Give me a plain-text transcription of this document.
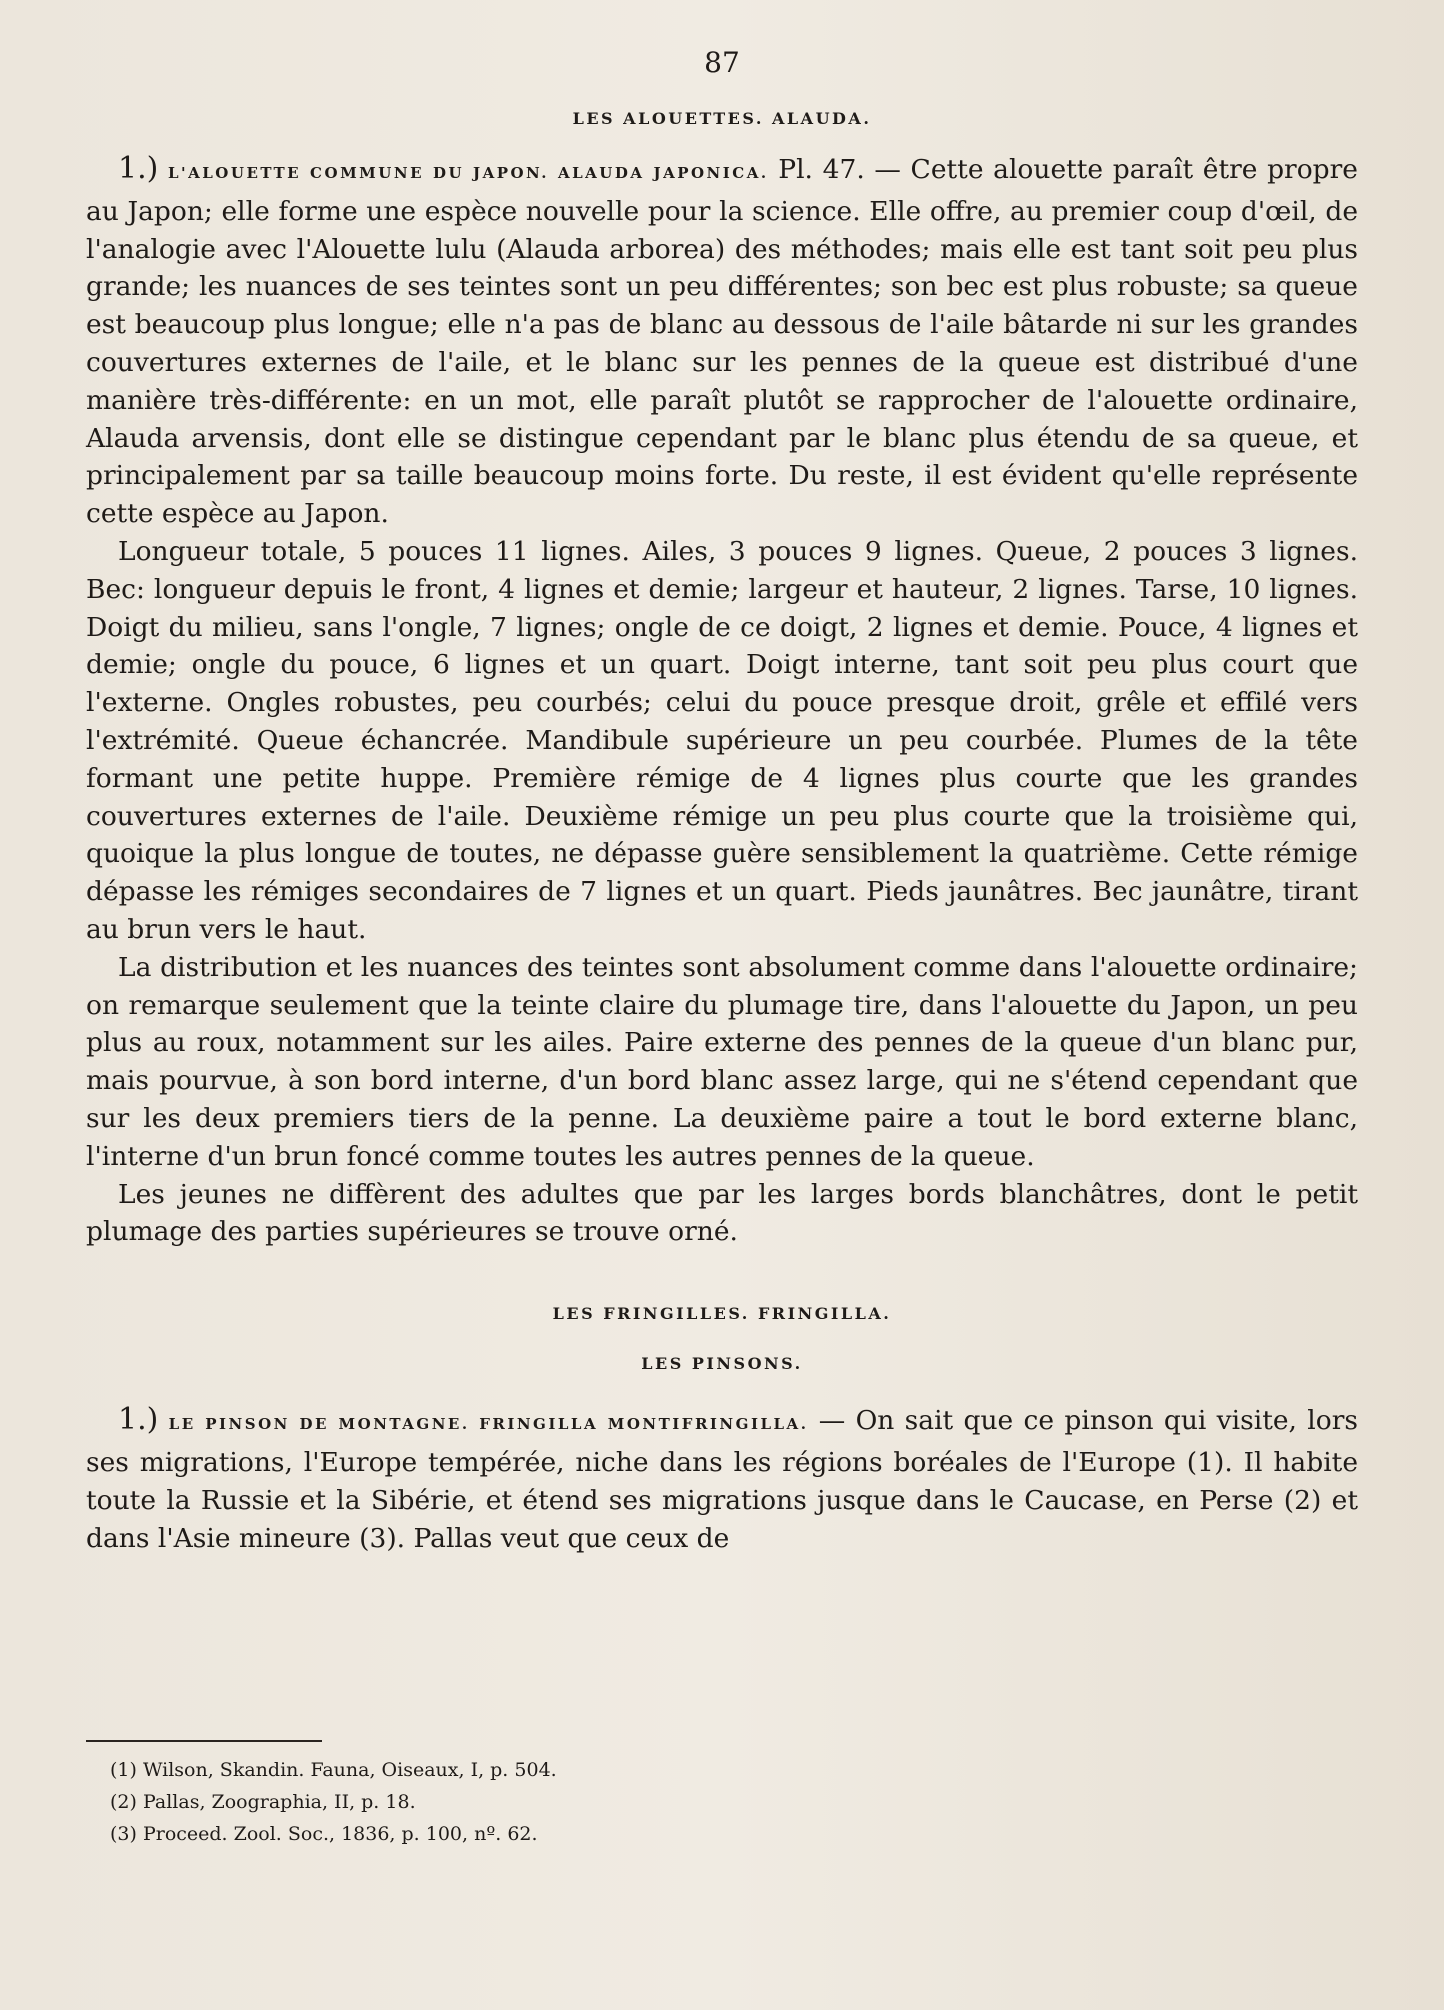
87
LES ALOUETTES. ALAUDA.

1.) L'ALOUETTE COMMUNE DU JAPON. ALAUDA JAPONICA. Pl. 47. — Cette alouette paraît être propre au Japon; elle forme une espèce nouvelle pour la science. Elle offre, au premier coup d'œil, de l'analogie avec l'Alouette lulu (Alauda arborea) des méthodes; mais elle est tant soit peu plus grande; les nuances de ses teintes sont un peu différentes; son bec est plus robuste; sa queue est beaucoup plus longue; elle n'a pas de blanc au dessous de l'aile bâtarde ni sur les grandes couvertures externes de l'aile, et le blanc sur les pennes de la queue est distribué d'une manière très-différente: en un mot, elle paraît plutôt se rapprocher de l'alouette ordinaire, Alauda arvensis, dont elle se distingue cependant par le blanc plus étendu de sa queue, et principalement par sa taille beaucoup moins forte. Du reste, il est évident qu'elle représente cette espèce au Japon.

Longueur totale, 5 pouces 11 lignes. Ailes, 3 pouces 9 lignes. Queue, 2 pouces 3 lignes. Bec: longueur depuis le front, 4 lignes et demie; largeur et hauteur, 2 lignes. Tarse, 10 lignes. Doigt du milieu, sans l'ongle, 7 lignes; ongle de ce doigt, 2 lignes et demie. Pouce, 4 lignes et demie; ongle du pouce, 6 lignes et un quart. Doigt interne, tant soit peu plus court que l'externe. Ongles robustes, peu courbés; celui du pouce presque droit, grêle et effilé vers l'extrémité. Queue échancrée. Mandibule supérieure un peu courbée. Plumes de la tête formant une petite huppe. Première rémige de 4 lignes plus courte que les grandes couvertures externes de l'aile. Deuxième rémige un peu plus courte que la troisième qui, quoique la plus longue de toutes, ne dépasse guère sensiblement la quatrième. Cette rémige dépasse les rémiges secondaires de 7 lignes et un quart. Pieds jaunâtres. Bec jaunâtre, tirant au brun vers le haut.

La distribution et les nuances des teintes sont absolument comme dans l'alouette ordinaire; on remarque seulement que la teinte claire du plumage tire, dans l'alouette du Japon, un peu plus au roux, notamment sur les ailes. Paire externe des pennes de la queue d'un blanc pur, mais pourvue, à son bord interne, d'un bord blanc assez large, qui ne s'étend cependant que sur les deux premiers tiers de la penne. La deuxième paire a tout le bord externe blanc, l'interne d'un brun foncé comme toutes les autres pennes de la queue.

Les jeunes ne diffèrent des adultes que par les larges bords blanchâtres, dont le petit plumage des parties supérieures se trouve orné.

LES FRINGILLES. FRINGILLA.
LES PINSONS.

1.) LE PINSON DE MONTAGNE. FRINGILLA MONTIFRINGILLA. — On sait que ce pinson qui visite, lors ses migrations, l'Europe tempérée, niche dans les régions boréales de l'Europe (1). Il habite toute la Russie et la Sibérie, et étend ses migrations jusque dans le Caucase, en Perse (2) et dans l'Asie mineure (3). Pallas veut que ceux de

(1) Wilson, Skandin. Fauna, Oiseaux, I, p. 504.
(2) Pallas, Zoographia, II, p. 18.
(3) Proceed. Zool. Soc., 1836, p. 100, nº. 62.
